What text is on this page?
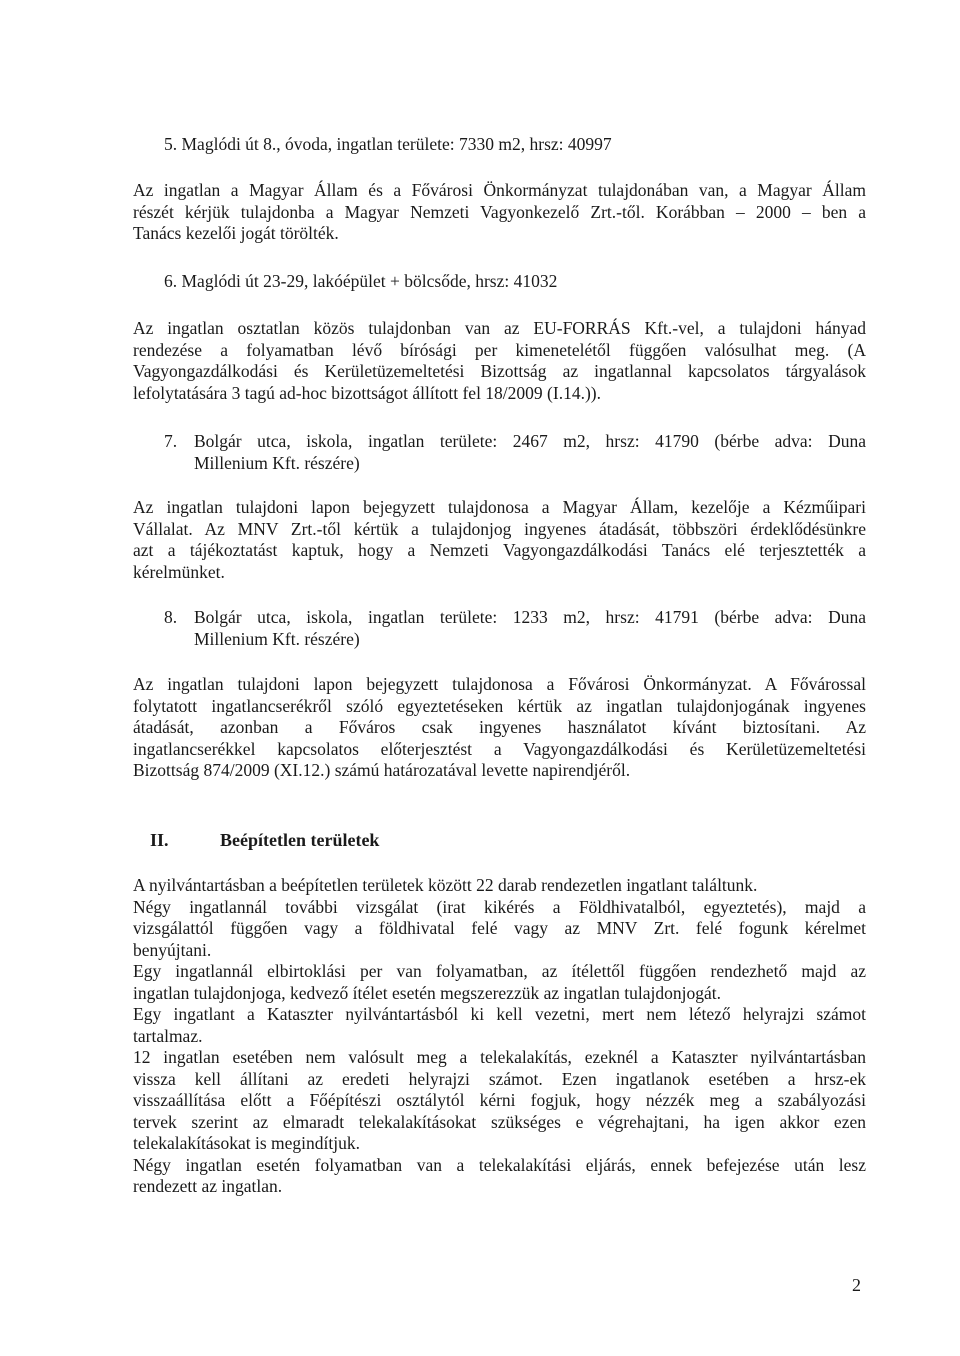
5. Maglódi út 8., óvoda, ingatlan területe: 7330 m2, hrsz: 40997
Az ingatlan a Magyar Állam és a Fővárosi Önkormányzat tulajdonában van, a Magyar Állam
részét kérjük tulajdonba a Magyar Nemzeti Vagyonkezelő Zrt.-től. Korábban – 2000 – ben a
Tanács kezelői jogát törölték.
6. Maglódi út 23-29, lakóépület + bölcsőde, hrsz: 41032
Az ingatlan osztatlan közös tulajdonban van az EU-FORRÁS Kft.-vel, a tulajdoni hányad
rendezése a folyamatban lévő bírósági per kimenetelétől függően valósulhat meg. (A
Vagyongazdálkodási és Kerületüzemeltetési Bizottság az ingatlannal kapcsolatos tárgyalások
lefolytatására 3 tagú ad-hoc bizottságot állított fel 18/2009 (I.14.)).
7. Bolgár utca, iskola, ingatlan területe: 2467 m2, hrsz: 41790 (bérbe adva: Duna
Millenium Kft. részére)
Az ingatlan tulajdoni lapon bejegyzett tulajdonosa a Magyar Állam, kezelője a Kézműipari
Vállalat. Az MNV Zrt.-től kértük a tulajdonjog ingyenes átadását, többszöri érdeklődésünkre
azt a tájékoztatást kaptuk, hogy a Nemzeti Vagyongazdálkodási Tanács elé terjesztették a
kérelmünket.
8. Bolgár utca, iskola, ingatlan területe: 1233 m2, hrsz: 41791 (bérbe adva: Duna
Millenium Kft. részére)
Az ingatlan tulajdoni lapon bejegyzett tulajdonosa a Fővárosi Önkormányzat. A Fővárossal
folytatott ingatlancserékről szóló egyeztetéseken kértük az ingatlan tulajdonjogának ingyenes
átadását, azonban a Főváros csak ingyenes használatot kívánt biztosítani. Az
ingatlancserékkel kapcsolatos előterjesztést a Vagyongazdálkodási és Kerületüzemeltetési
Bizottság 874/2009 (XI.12.) számú határozatával levette napirendjéről.
II.	Beépítetlen területek
A nyilvántartásban a beépítetlen területek között 22 darab rendezetlen ingatlant találtunk.
Négy ingatlannál további vizsgálat (irat kikérés a Földhivatalból, egyeztetés), majd a
vizsgálattól függően vagy a földhivatal felé vagy az MNV Zrt. felé fogunk kérelmet
benyújtani.
Egy ingatlannál elbirtoklási per van folyamatban, az ítélettől függően rendezhető majd az
ingatlan tulajdonjoga, kedvező ítélet esetén megszerezzük az ingatlan tulajdonjogát.
Egy ingatlant a Kataszter nyilvántartásból ki kell vezetni, mert nem létező helyrajzi számot
tartalmaz.
12 ingatlan esetében nem valósult meg a telekalakítás, ezeknél a Kataszter nyilvántartásban
vissza kell állítani az eredeti helyrajzi számot. Ezen ingatlanok esetében a hrsz-ek
visszaállítása előtt a Főépítészi osztálytól kérni fogjuk, hogy nézzék meg a szabályozási
tervek szerint az elmaradt telekalakításokat szükséges e végrehajtani, ha igen akkor ezen
telekalakításokat is megindítjuk.
Négy ingatlan esetén folyamatban van a telekalakítási eljárás, ennek befejezése után lesz
rendezett az ingatlan.
2
